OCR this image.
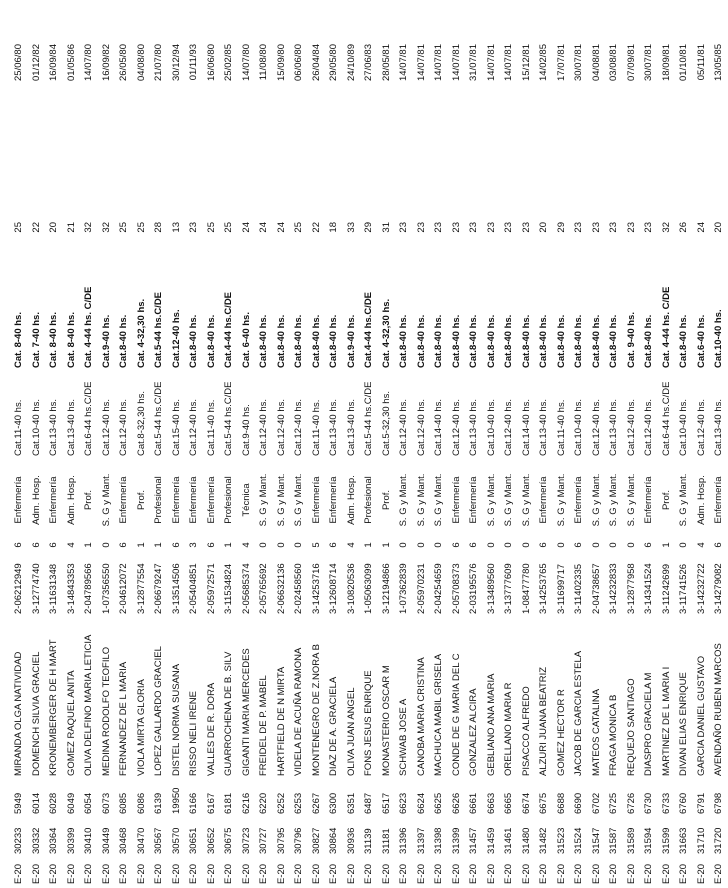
E-20
30233
5949
MIRANDA OLGA NATIVIDAD
2-06212949
6
Enfermería
Cat.11-40 hs.
Cat. 8-40 hs.
25
25/06/80
E-20
30332
6014
DOMENCH SILVIA GRACIEL
3-12774740
6
Adm. Hosp.
Cat.10-40 hs.
Cat. 7-40 hs.
22
01/12/82
E-20
30364
6028
KRONEMBERGER DE H MART
3-11631348
6
Enfermería
Cat.13-40 hs.
Cat. 8-40 hs.
20
16/09/84
E-20
30399
6049
GOMEZ RAQUEL ANITA
3-14843353
4
Adm. Hosp.
Cat.13-40 hs.
Cat. 8-40 hs.
21
01/05/86
E-20
30410
6054
OLIVA DELFINO MARIA LETICIA
2-04789566
1
Prof.
Cat.6-44 hs.C/DE
Cat. 4-44 hs. C/DE
32
14/07/80
E-20
30449
6073
MEDINA RODOLFO TEOFILO
1-07356550
0
S. G y Mant.
Cat.12-40 hs.
Cat.9-40 hs.
32
16/09/82
E-20
30468
6085
FERNANDEZ DE L MARIA
2-04612072
6
Enfermería
Cat.12-40 hs.
Cat.8-40 hs.
25
26/05/80
E-20
30470
6086
VIOLA MIRTA GLORIA
3-12877554
1
Prof.
Cat.8-32,30 hs.
Cat. 4-32,30 hs.
25
04/08/80
E-20
30567
6139
LOPEZ GALLARDO GRACIEL
2-06679247
1
Profesional
Cat.5-44 hs.C/DE
Cat.5-44 hs.C/DE
28
21/07/80
E-20
30570
19950
DISTEL NORMA SUSANA
3-13514506
6
Enfermería
Cat.15-40 hs.
Cat.12-40 hs.
13
30/12/94
E-20
30651
6166
RISSO NELI IRENE
2-05404851
3
Enfermería
Cat.12-40 hs.
Cat.8-40 hs.
23
01/11/93
E-20
30652
6167
VALLES DE R. DORA
2-05972571
6
Enfermería
Cat.11-40 hs.
Cat.8-40 hs.
25
16/06/80
E-20
30675
6181
GUARROCHENA DE B. SILV
3-11534824
1
Profesional
Cat.5-44 hs.C/DE
Cat.4-44 hs.C/DE
25
25/02/85
E-20
30723
6216
GIGANTI MARIA MERCEDES
2-05685374
4
Técnica
Cat.9-40 hs.
Cat. 6-40 hs.
24
14/07/80
E-20
30727
6220
FREIDEL DE P. MABEL
2-05765692
0
S. G y Mant.
Cat.12-40 hs.
Cat.8-40 hs.
24
11/08/80
E-20
30795
6252
HARTFIELD DE N MIRTA
2-06632136
0
S. G y Mant.
Cat.12-40 hs.
Cat.8-40 hs.
24
15/09/80
E-20
30796
6253
VIDELA DE ACUÑA RAMONA
2-02458560
0
S. G y Mant.
Cat.12-40 hs.
Cat.8-40 hs.
25
06/06/80
E-20
30827
6267
MONTENEGRO DE Z.NORA B
3-14253716
5
Enfermería
Cat.11-40 hs.
Cat.8-40 hs.
22
26/04/84
E-20
30864
6300
DIAZ DE A. GRACIELA
3-12608714
6
Enfermería
Cat.13-40 hs.
Cat.8-40 hs.
18
29/05/80
E-20
30936
6351
OLIVA JUAN ANGEL
3-10820536
4
Adm. Hosp.
Cat.13-40 hs.
Cat.9-40 hs.
33
24/10/89
E-20
31139
6487
FONS JESUS ENRIQUE
1-05063099
1
Profesional
Cat.5-44 hs.C/DE
Cat.4-44 hs.C/DE
29
27/06/83
E-20
31181
6517
MONASTERIO OSCAR M
3-12194866
1
Prof.
Cat.5-32,30 hs.
Cat. 4-32,30 hs.
31
28/05/81
E-20
31396
6623
SCHWAB JOSE A
1-07362839
0
S. G y Mant.
Cat.12-40 hs.
Cat.8-40 hs.
23
14/07/81
E-20
31397
6624
CANOBA MARIA CRISTINA
2-05970231
0
S. G y Mant.
Cat.12-40 hs.
Cat.8-40 hs.
23
14/07/81
E-20
31398
6625
MACHUCA MABIL GRISELA
2-04254659
0
S. G y Mant.
Cat.14-40 hs.
Cat.8-40 hs.
23
14/07/81
E-20
31399
6626
CONDE DE G MARIA DEL C
2-05708373
6
Enfermería
Cat.12-40 hs.
Cat.8-40 hs.
23
14/07/81
E-20
31457
6661
GONZALEZ ALCIRA
2-03195576
6
Enfermería
Cat.13-40 hs.
Cat.8-40 hs.
23
31/07/81
E-20
31459
6663
GEBLIANO ANA MARIA
3-13489560
0
S. G y Mant.
Cat.10-40 hs.
Cat.8-40 hs.
23
14/07/81
E-20
31461
6665
ORELLANO MARIA R
3-13777609
0
S. G y Mant.
Cat.12-40 hs.
Cat.8-40 hs.
23
14/07/81
E-20
31480
6674
PISACCO ALFREDO
1-08477780
0
S. G y Mant.
Cat.14-40 hs.
Cat.8-40 hs.
23
15/12/81
E-20
31482
6675
ALZURI JUANA BEATRIZ
3-14253765
6
Enfermería
Cat.13-40 hs.
Cat.8-40 hs.
20
14/02/85
E-20
31523
6688
GOMEZ HECTOR R
3-11699717
0
S. G y Mant.
Cat.11-40 hs.
Cat.8-40 hs.
29
17/07/81
E-20
31524
6690
JACOB DE GARCIA ESTELA
3-11402335
6
Enfermería
Cat.10-40 hs.
Cat.8-40 hs.
23
30/07/81
E-20
31547
6702
MATEOS CATALINA
2-04738657
0
S. G y Mant.
Cat.12-40 hs.
Cat.8-40 hs.
23
04/08/81
E-20
31587
6725
FRAGA MONICA B
3-14232833
0
S. G y Mant.
Cat.13-40 hs.
Cat.8-40 hs.
23
03/08/81
E-20
31589
6726
REQUEJO SANTIAGO
3-12877958
0
S. G y Mant.
Cat.12-40 hs.
Cat. 9-40 hs.
23
07/09/81
E-20
31594
6730
DIASPRO GRACIELA M
3-14341524
6
Enfermería
Cat.12-40 hs.
Cat.8-40 hs.
23
30/07/81
E-20
31599
6733
MARTINEZ DE L MARIA I
3-11242699
1
Prof.
Cat.6-44 hs.C/DE
Cat. 4-44 hs. C/DE
32
18/09/81
E-20
31663
6760
DIVAN ELIAS ENRIQUE
3-11741526
0
S. G y Mant.
Cat.10-40 hs.
Cat.8-40 hs.
26
01/10/81
E-20
31710
6791
GARCIA DANIEL GUSTAVO
3-14232722
4
Adm. Hosp.
Cat.12-40 hs.
Cat.6-40 hs.
24
05/11/81
E-20
31720
6798
AVENDAÑO RUBEN MARCOS
3-14279082
6
Enfermería
Cat.13-40 hs.
Cat.10-40 hs.
20
13/05/85
